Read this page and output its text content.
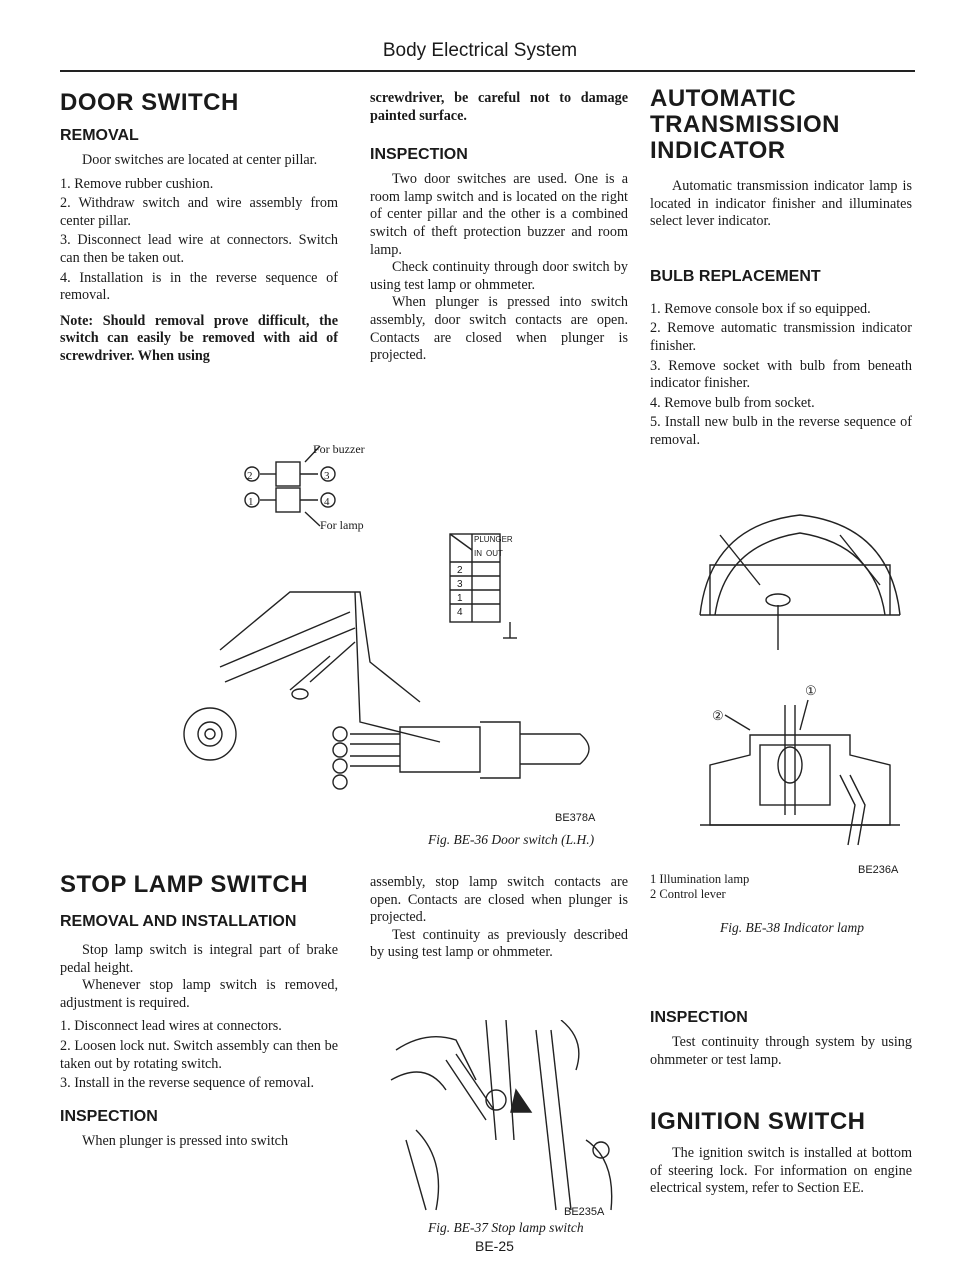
Body Electrical System
DOOR SWITCH
REMOVAL

Door switches are located at center pillar.

1. Remove rubber cushion.

2. Withdraw switch and wire assembly from center pillar.

3. Disconnect lead wire at connectors. Switch can then be taken out.

4. Installation is in the reverse sequence of removal.

Note: Should removal prove difficult, the switch can easily be removed with aid of screwdriver. When using

STOP LAMP SWITCH
REMOVAL AND INSTALLATION

Stop lamp switch is integral part of brake pedal height.

Whenever stop lamp switch is removed, adjustment is required.

1. Disconnect lead wires at connectors.

2. Loosen lock nut. Switch assembly can then be taken out by rotating switch.

3. Install in the reverse sequence of removal.

INSPECTION

When plunger is pressed into switch

screwdriver, be careful not to damage painted surface.

INSPECTION

Two door switches are used. One is a room lamp switch and is located on the right of center pillar and the other is a combined switch of theft protection buzzer and room lamp.

Check continuity through door switch by using test lamp or ohmmeter.

When plunger is pressed into switch assembly, door switch contacts are open. Contacts are closed when plunger is projected.

assembly, stop lamp switch contacts are open. Contacts are closed when plunger is projected.

Test continuity as previously described by using test lamp or ohmmeter.

2	3
1	4
For buzzer
For lamp
PLUNGER
IN OUT
2
3
1
4
BE378A
Fig. BE-36 Door switch (L.H.)
BE235A
Fig. BE-37 Stop lamp switch
AUTOMATIC TRANSMISSION INDICATOR

Automatic transmission indicator lamp is located in indicator finisher and illuminates select lever indicator.

BULB REPLACEMENT

1. Remove console box if so equipped.

2. Remove automatic transmission indicator finisher.

3. Remove socket with bulb from beneath indicator finisher.

4. Remove bulb from socket.

5. Install new bulb in the reverse sequence of removal.

①
②
1 Illumination lamp
2 Control lever
BE236A
Fig. BE-38 Indicator lamp
INSPECTION

Test continuity through system by using ohmmeter or test lamp.

IGNITION SWITCH

The ignition switch is installed at bottom of steering lock. For information on engine electrical system, refer to Section EE.

BE-25
